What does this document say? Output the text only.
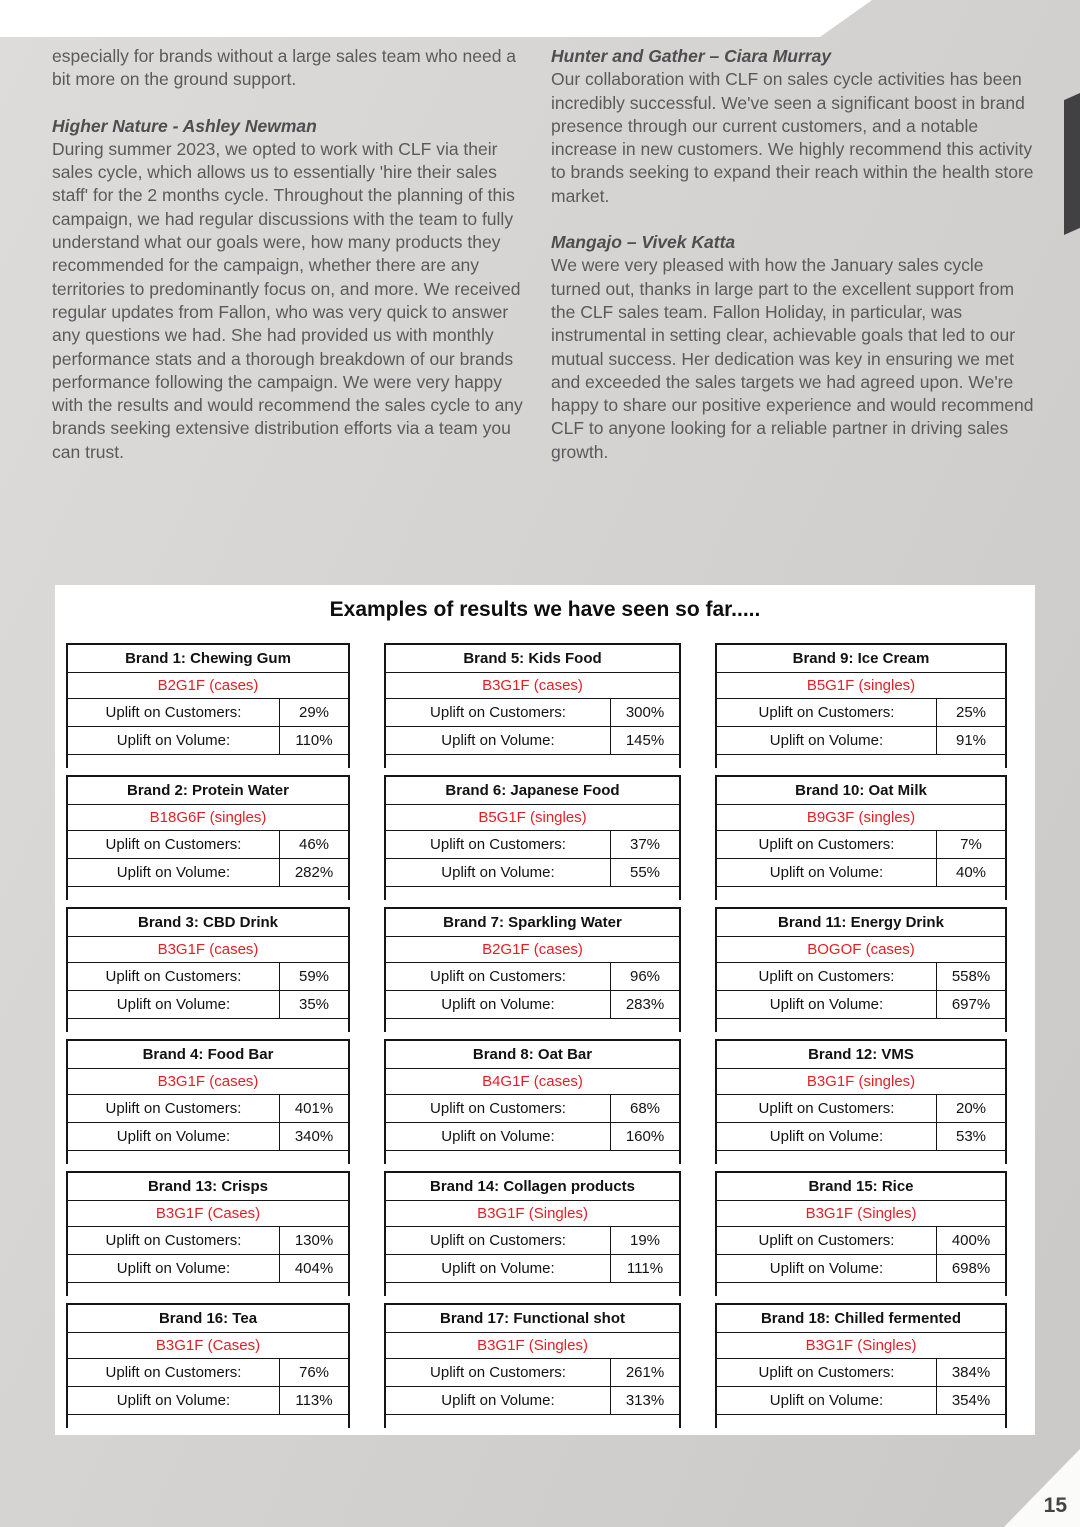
15

especially for brands without a large sales team who need a bit more on the ground support.

Higher Nature - Ashley Newman

During summer 2023, we opted to work with CLF via their sales cycle, which allows us to essentially 'hire their sales staff' for the 2 months cycle. Throughout the planning of this campaign, we had regular discussions with the team to fully understand what our goals were, how many products they recommended for the campaign, whether there are any territories to predominantly focus on, and more. We received regular updates from Fallon, who was very quick to answer any questions we had. She had provided us with monthly performance stats and a thorough breakdown of our brands performance following the campaign. We were very happy with the results and would recommend the sales cycle to any brands seeking extensive distribution efforts via a team you can trust.

Hunter and Gather – Ciara Murray

Our collaboration with CLF on sales cycle activities has been incredibly successful. We've seen a significant boost in brand presence through our current customers, and a notable increase in new customers. We highly recommend this activity to brands seeking to expand their reach within the health store market.

Mangajo – Vivek Katta

We were very pleased with how the January sales cycle turned out, thanks in large part to the excellent support from the CLF sales team. Fallon Holiday, in particular, was instrumental in setting clear, achievable goals that led to our mutual success. Her dedication was key in ensuring we met and exceeded the sales targets we had agreed upon. We're happy to share our positive experience and would recommend CLF to anyone looking for a reliable partner in driving sales growth.

Examples of results we have seen so far.....
Brand 1: Chewing Gum
B2G1F (cases)
Uplift on Customers:	29%
Uplift on Volume:	110%
Brand 5: Kids Food
B3G1F (cases)
Uplift on Customers:	300%
Uplift on Volume:	145%
Brand 9: Ice Cream
B5G1F (singles)
Uplift on Customers:	25%
Uplift on Volume:	91%
Brand 2: Protein Water
B18G6F (singles)
Uplift on Customers:	46%
Uplift on Volume:	282%
Brand 6: Japanese Food
B5G1F (singles)
Uplift on Customers:	37%
Uplift on Volume:	55%
Brand 10: Oat Milk
B9G3F (singles)
Uplift on Customers:	7%
Uplift on Volume:	40%
Brand 3: CBD Drink
B3G1F (cases)
Uplift on Customers:	59%
Uplift on Volume:	35%
Brand 7: Sparkling Water
B2G1F (cases)
Uplift on Customers:	96%
Uplift on Volume:	283%
Brand 11: Energy Drink
BOGOF (cases)
Uplift on Customers:	558%
Uplift on Volume:	697%
Brand 4: Food Bar
B3G1F (cases)
Uplift on Customers:	401%
Uplift on Volume:	340%
Brand 8: Oat Bar
B4G1F (cases)
Uplift on Customers:	68%
Uplift on Volume:	160%
Brand 12: VMS
B3G1F (singles)
Uplift on Customers:	20%
Uplift on Volume:	53%
Brand 13: Crisps
B3G1F (Cases)
Uplift on Customers:	130%
Uplift on Volume:	404%
Brand 14: Collagen products
B3G1F (Singles)
Uplift on Customers:	19%
Uplift on Volume:	111%
Brand 15: Rice
B3G1F (Singles)
Uplift on Customers:	400%
Uplift on Volume:	698%
Brand 16: Tea
B3G1F (Cases)
Uplift on Customers:	76%
Uplift on Volume:	113%
Brand 17: Functional shot
B3G1F (Singles)
Uplift on Customers:	261%
Uplift on Volume:	313%
Brand 18: Chilled fermented
B3G1F (Singles)
Uplift on Customers:	384%
Uplift on Volume:	354%
